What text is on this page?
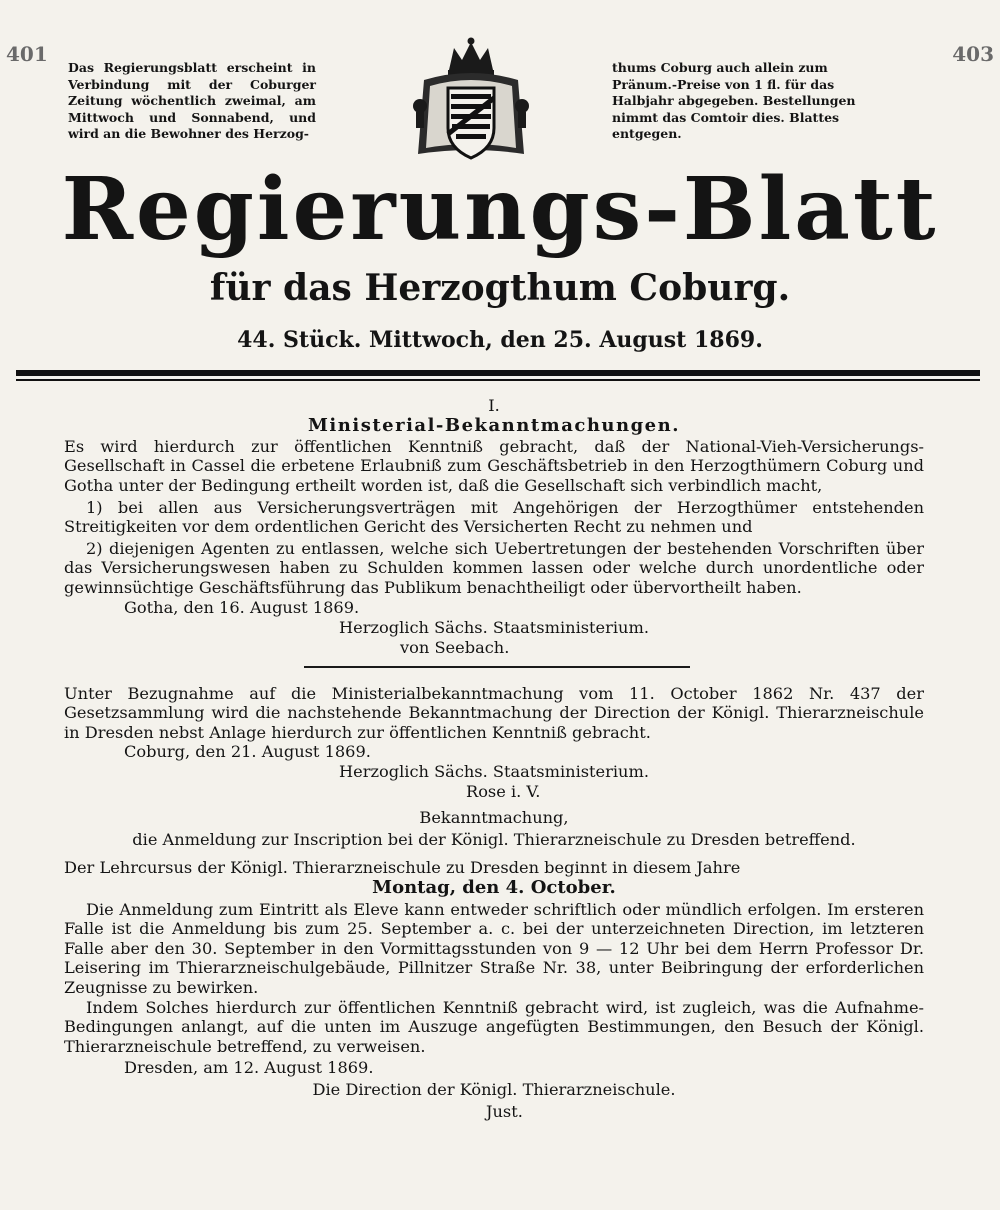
401	403
Das Regierungsblatt erscheint in Verbindung mit der Coburger Zeitung wöchentlich zweimal, am Mittwoch und Sonnabend, und wird an die Bewohner des Herzog-
thums Coburg auch allein zum Pränum.-Preise von 1 fl. für das Halbjahr abgegeben. Bestellungen nimmt das Comtoir dies. Blattes entgegen.
Regierungs-Blatt
für das Herzogthum Coburg.
44. Stück. Mittwoch, den 25. August 1869.
I.
Ministerial-Bekanntmachungen.
Es wird hierdurch zur öffentlichen Kenntniß gebracht, daß der National-Vieh-Versicherungs-Gesellschaft in Cassel die erbetene Erlaubniß zum Geschäftsbetrieb in den Herzogthümern Coburg und Gotha unter der Bedingung ertheilt worden ist, daß die Gesellschaft sich verbindlich macht,
1) bei allen aus Versicherungsverträgen mit Angehörigen der Herzogthümer entstehenden Streitigkeiten vor dem ordentlichen Gericht des Versicherten Recht zu nehmen und
2) diejenigen Agenten zu entlassen, welche sich Uebertretungen der bestehenden Vorschriften über das Versicherungswesen haben zu Schulden kommen lassen oder welche durch unordentliche oder gewinnsüchtige Geschäftsführung das Publikum benachtheiligt oder übervortheilt haben.
Gotha, den 16. August 1869.
Herzoglich Sächs. Staatsministerium.
von Seebach.
Unter Bezugnahme auf die Ministerialbekanntmachung vom 11. October 1862 Nr. 437 der Gesetzsammlung wird die nachstehende Bekanntmachung der Direction der Königl. Thierarzneischule in Dresden nebst Anlage hierdurch zur öffentlichen Kenntniß gebracht.
Coburg, den 21. August 1869.
Herzoglich Sächs. Staatsministerium.
Rose i. V.
Bekanntmachung,
die Anmeldung zur Inscription bei der Königl. Thierarzneischule zu Dresden betreffend.
Der Lehrcursus der Königl. Thierarzneischule zu Dresden beginnt in diesem Jahre
Montag, den 4. October.
Die Anmeldung zum Eintritt als Eleve kann entweder schriftlich oder mündlich erfolgen. Im ersteren Falle ist die Anmeldung bis zum 25. September a. c. bei der unterzeichneten Direction, im letzteren Falle aber den 30. September in den Vormittagsstunden von 9 — 12 Uhr bei dem Herrn Professor Dr. Leisering im Thierarzneischulgebäude, Pillnitzer Straße Nr. 38, unter Beibringung der erforderlichen Zeugnisse zu bewirken.
Indem Solches hierdurch zur öffentlichen Kenntniß gebracht wird, ist zugleich, was die Aufnahme-Bedingungen anlangt, auf die unten im Auszuge angefügten Bestimmungen, den Besuch der Königl. Thierarzneischule betreffend, zu verweisen.
Dresden, am 12. August 1869.
Die Direction der Königl. Thierarzneischule.
Just.
